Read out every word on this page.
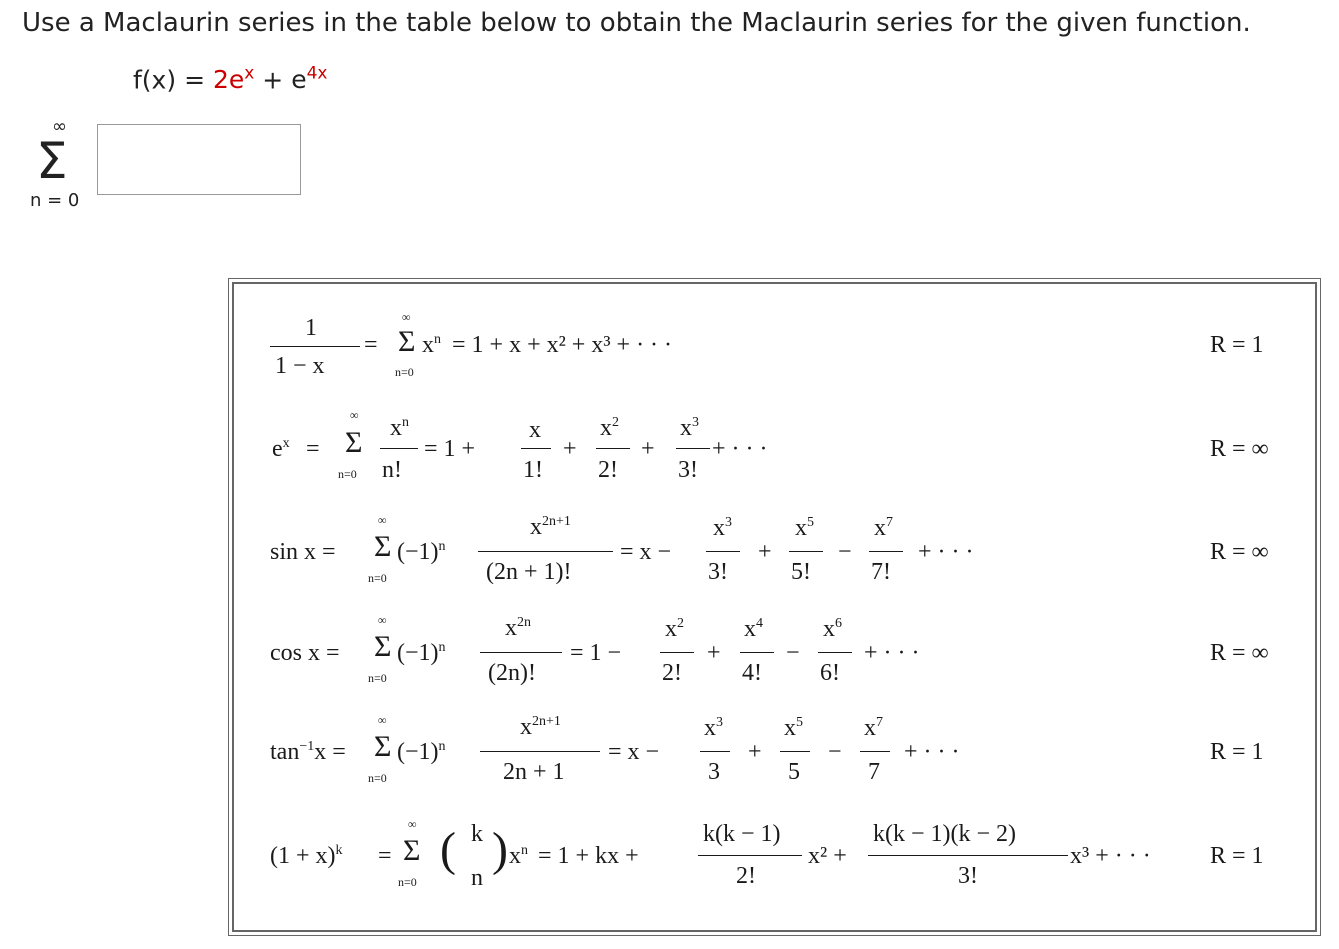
Use a Maclaurin series in the table below to obtain the Maclaurin series for the given function.
$f(x) = 2e^x + e^{4x}$
∞
Σ
n = 0
1
1 − x
=
∞
Σ
n=0
$x^n = 1 + x + x^2 + x^3$ + · · ·	R = 1
$e^x$ =
∞
Σ
n=0
$x^n$
n!
= 1 +
x
1!
+
$x^2$
2!
+
$x^3$
3!
+ · · ·	R = ∞
sin x =
∞
Σ
n=0
$(-1)^n$
$x^{2n+1}$
(2n + 1)!
= x −
$x^3$
3!
+
$x^5$
5!
−
$x^7$
7!
+ · · ·	R = ∞
cos x =
∞
Σ
n=0
$(-1)^n$
$x^{2n}$
(2n)!
= 1 −
$x^2$
2!
+
$x^4$
4!
−
$x^6$
6!
+ · · ·	R = ∞
$\tan^{-1}x$ =
∞
Σ
n=0
$(-1)^n$
$x^{2n+1}$
2n + 1
= x −
$x^3$
3
+
$x^5$
5
−
$x^7$
7
+ · · ·	R = 1
$(1 + x)^k$ =
∞
Σ
n=0
( k
n
) $x^n = 1$ + kx +
k(k − 1)
2!
x² +
k(k − 1)(k − 2)
3!
x³ + · · · R = 1
